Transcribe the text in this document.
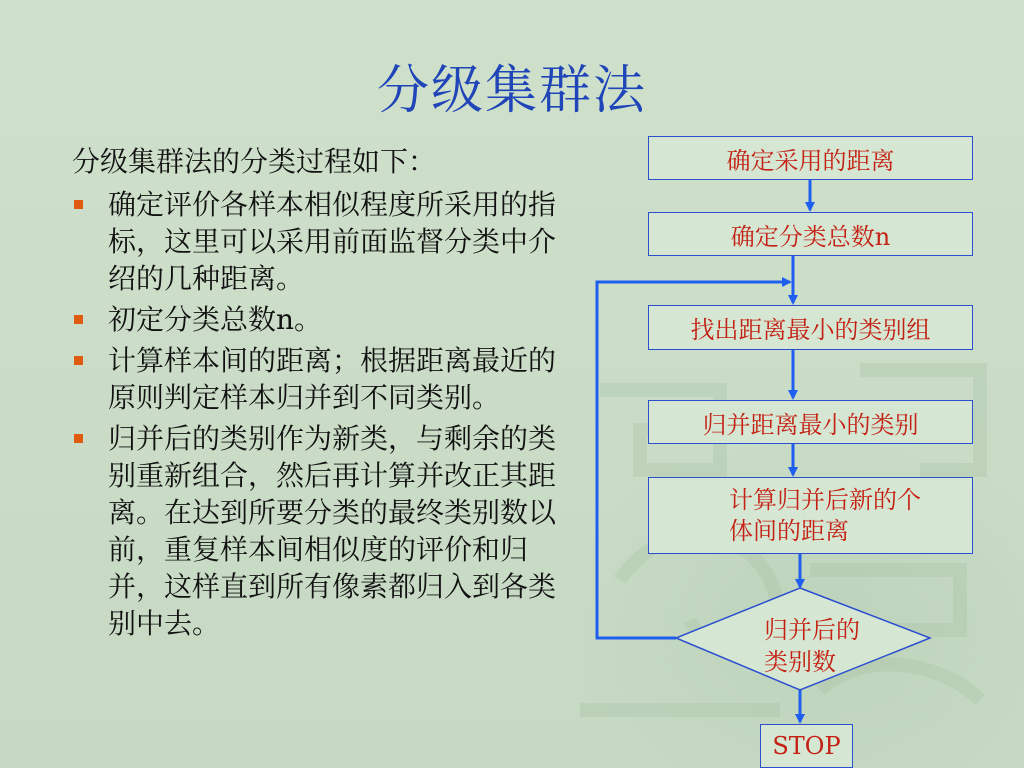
分级集群法
分级集群法的分类过程如下：
确定评价各样本相似程度所采用的指标，这里可以采用前面监督分类中介绍的几种距离。
初定分类总数n。
计算样本间的距离；根据距离最近的原则判定样本归并到不同类别。
归并后的类别作为新类，与剩余的类别重新组合，然后再计算并改正其距离。在达到所要分类的最终类别数以前，重复样本间相似度的评价和归并，这样直到所有像素都归入到各类别中去。
确定采用的距离
确定分类总数n
找出距离最小的类别组
归并距离最小的类别
计算归并后新的个
体间的距离
归并后的
类别数
STOP
